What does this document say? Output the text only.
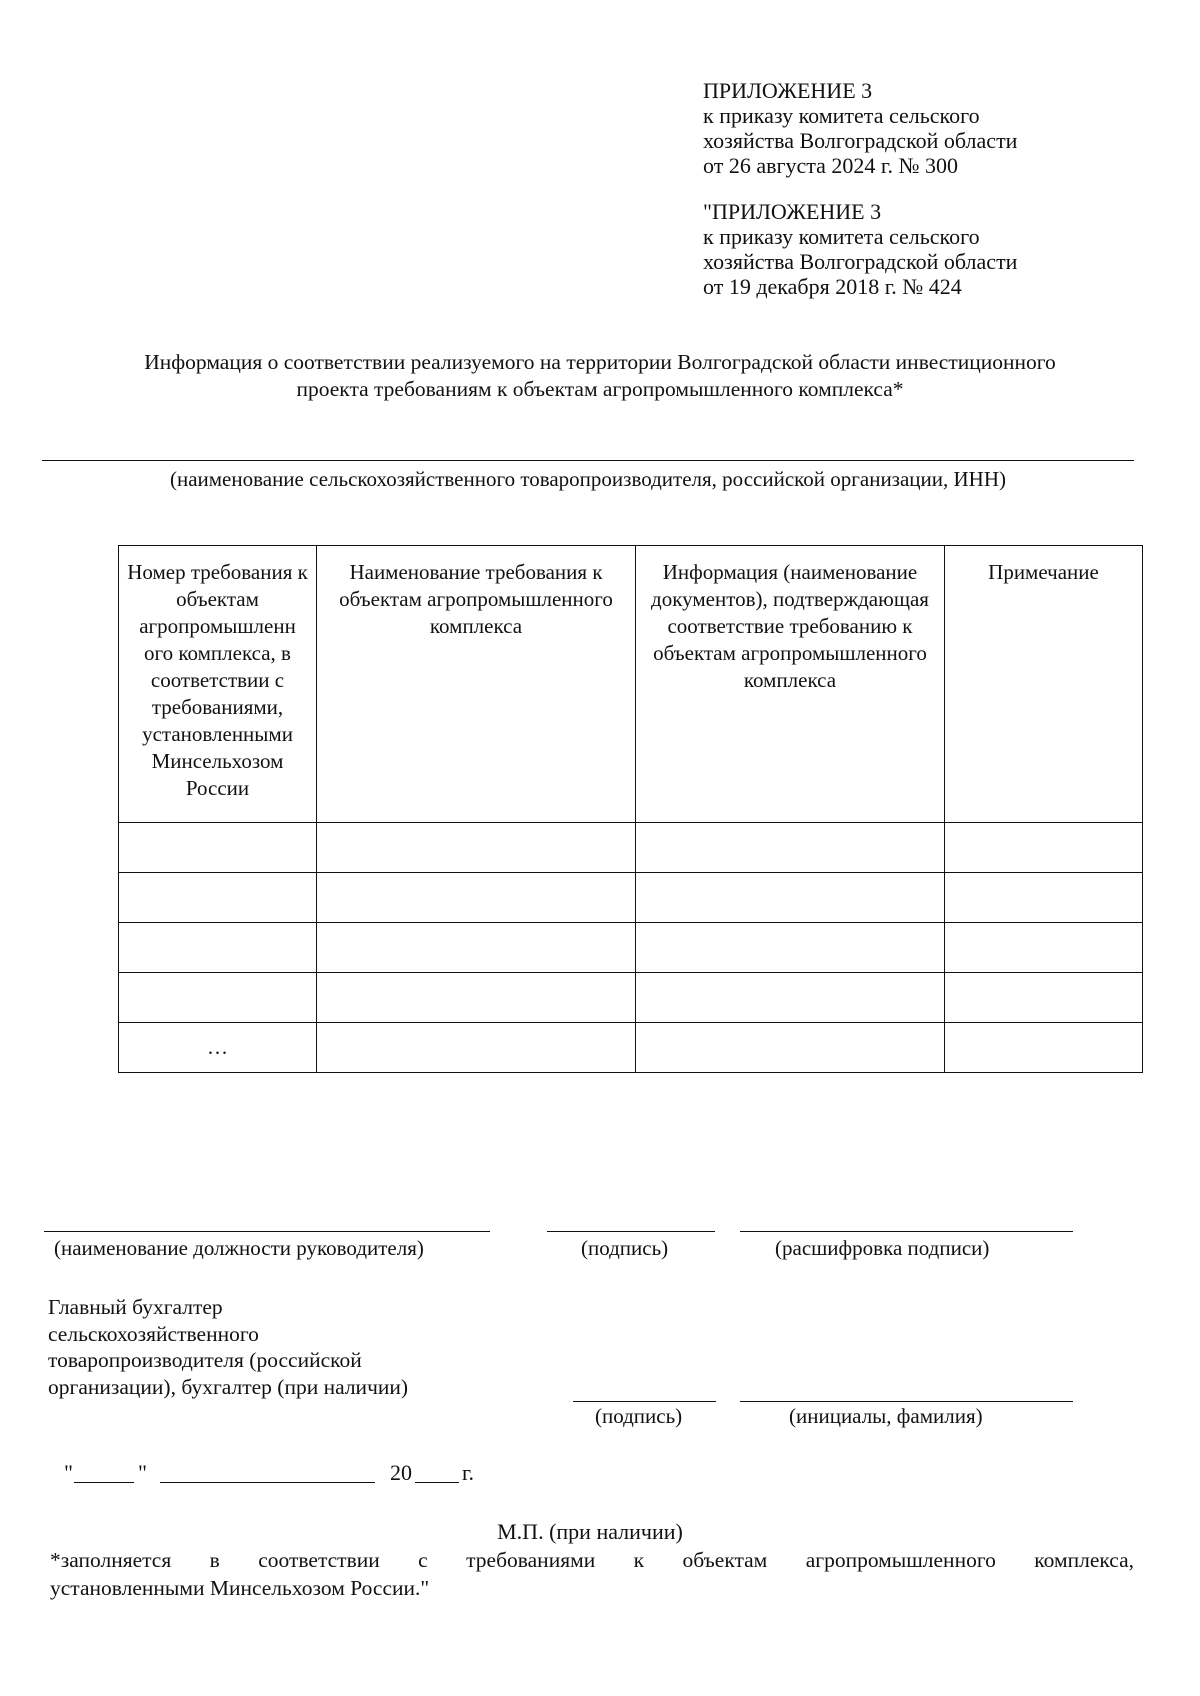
ПРИЛОЖЕНИЕ 3
к приказу комитета сельского
хозяйства Волгоградской области
от 26 августа 2024 г. № 300
"ПРИЛОЖЕНИЕ 3
к приказу комитета сельского
хозяйства Волгоградской области
от 19 декабря 2018 г. № 424
Информация о соответствии реализуемого на территории Волгоградской области инвестиционного
проекта требованиям к объектам агропромышленного комплекса*
(наименование сельскохозяйственного товаропроизводителя, российской организации, ИНН)
Номер требования к объектам агропромышленн ого комплекса, в соответствии с требованиями, установленными Минсельхозом России	Наименование требования к объектам агропромышленного комплекса	Информация (наименование документов), подтверждающая соответствие требованию к объектам агропромышленного комплекса	Примечание

…			
(наименование должности руководителя)	(подпись)	(расшифровка подписи)
Главный бухгалтер
сельскохозяйственного
товаропроизводителя (российской
организации), бухгалтер (при наличии)
(подпись)	(инициалы, фамилия)
"	"	20 г.
М.П. (при наличии)
*заполняется в соответствии с требованиями к объектам агропромышленного комплекса,
установленными Минсельхозом России."
